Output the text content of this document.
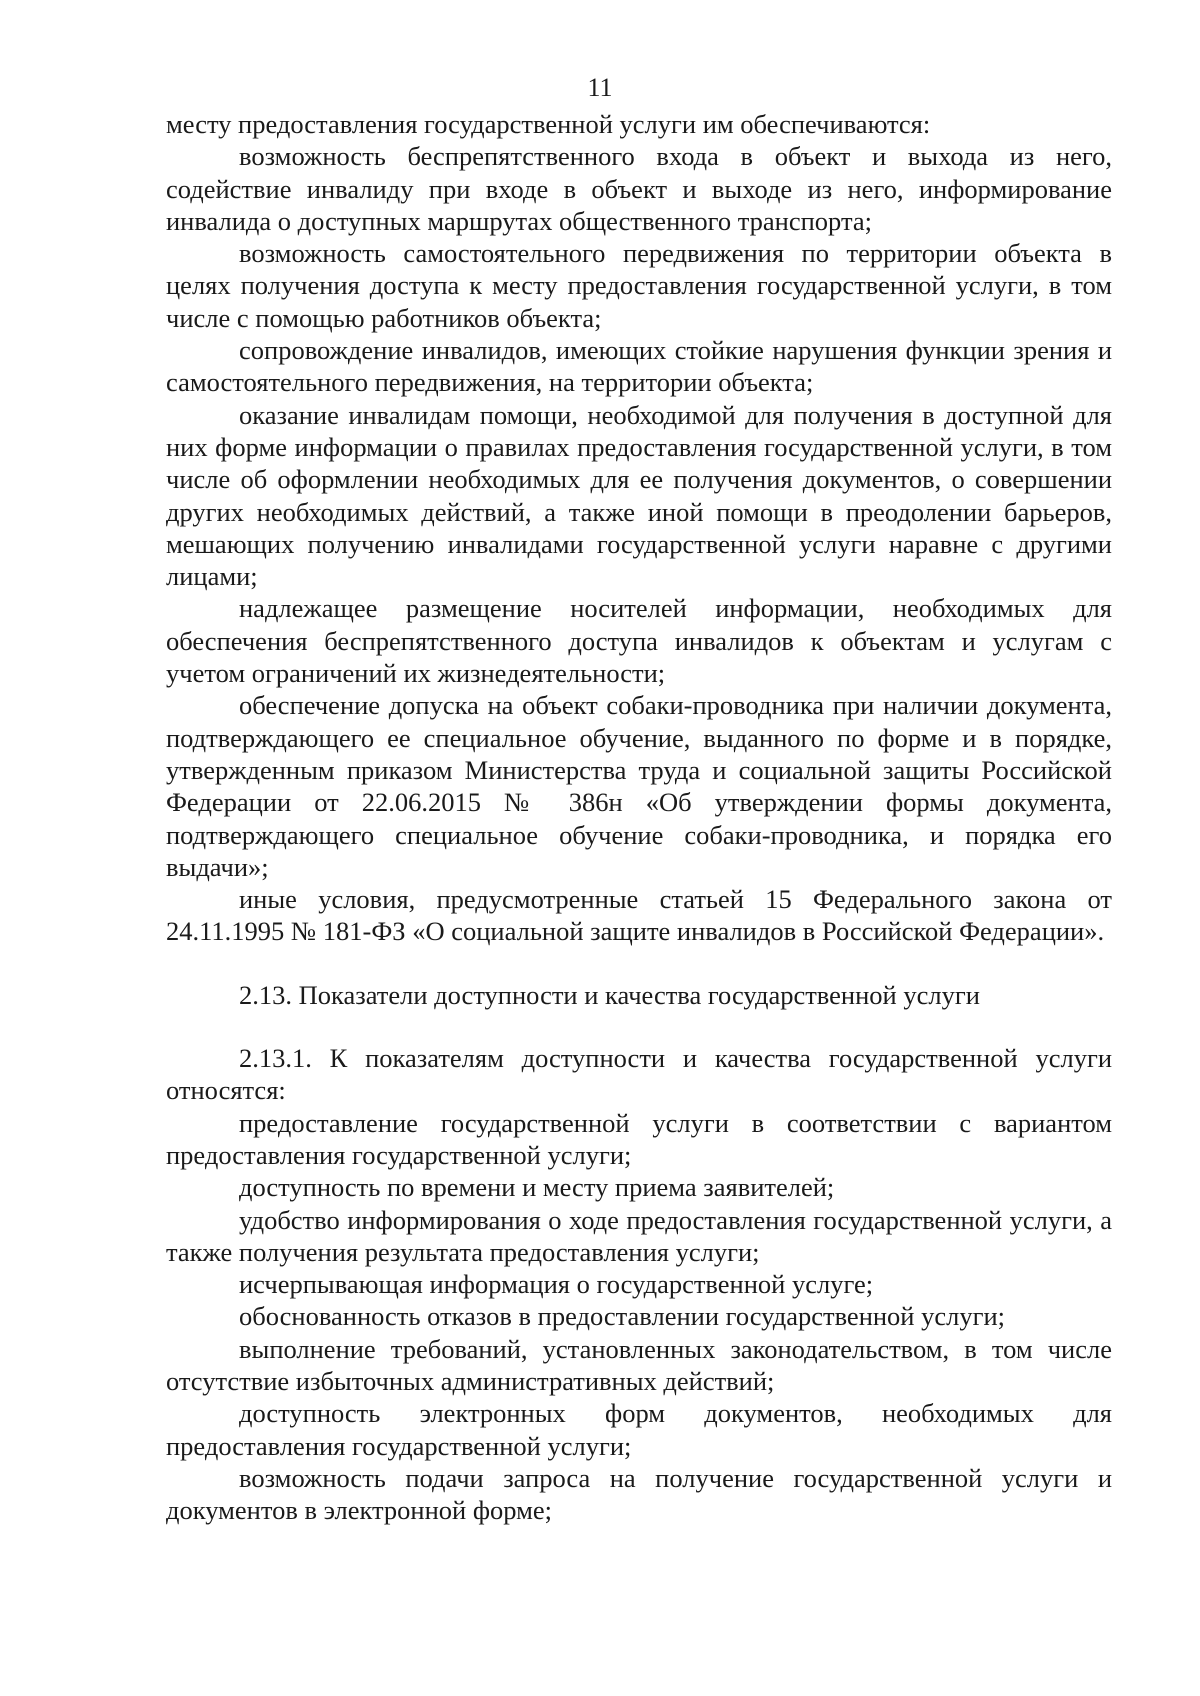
11

месту предоставления государственной услуги им обеспечиваются:

возможность беспрепятственного входа в объект и выхода из него, содействие инвалиду при входе в объект и выходе из него, информирование инвалида о доступных маршрутах общественного транспорта;

возможность самостоятельного передвижения по территории объекта в целях получения доступа к месту предоставления государственной услуги, в том числе с помощью работников объекта;

сопровождение инвалидов, имеющих стойкие нарушения функции зрения и самостоятельного передвижения, на территории объекта;

оказание инвалидам помощи, необходимой для получения в доступной для них форме информации о правилах предоставления государственной услуги, в том числе об оформлении необходимых для ее получения документов, о совершении других необходимых действий, а также иной помощи в преодолении барьеров, мешающих получению инвалидами государственной услуги наравне с другими лицами;

надлежащее размещение носителей информации, необходимых для обеспечения беспрепятственного доступа инвалидов к объектам и услугам с учетом ограничений их жизнедеятельности;

обеспечение допуска на объект собаки-проводника при наличии документа, подтверждающего ее специальное обучение, выданного по форме и в порядке, утвержденным приказом Министерства труда и социальной защиты Российской Федерации от 22.06.2015 № 386н «Об утверждении формы документа, подтверждающего специальное обучение собаки-проводника, и порядка его выдачи»;

иные условия, предусмотренные статьей 15 Федерального закона от 24.11.1995 № 181-ФЗ «О социальной защите инвалидов в Российской Федерации».

2.13. Показатели доступности и качества государственной услуги

2.13.1. К показателям доступности и качества государственной услуги относятся:

предоставление государственной услуги в соответствии с вариантом предоставления государственной услуги;

доступность по времени и месту приема заявителей;

удобство информирования о ходе предоставления государственной услуги, а также получения результата предоставления услуги;

исчерпывающая информация о государственной услуге;

обоснованность отказов в предоставлении государственной услуги;

выполнение требований, установленных законодательством, в том числе отсутствие избыточных административных действий;

доступность электронных форм документов, необходимых для предоставления государственной услуги;

возможность подачи запроса на получение государственной услуги и документов в электронной форме;
